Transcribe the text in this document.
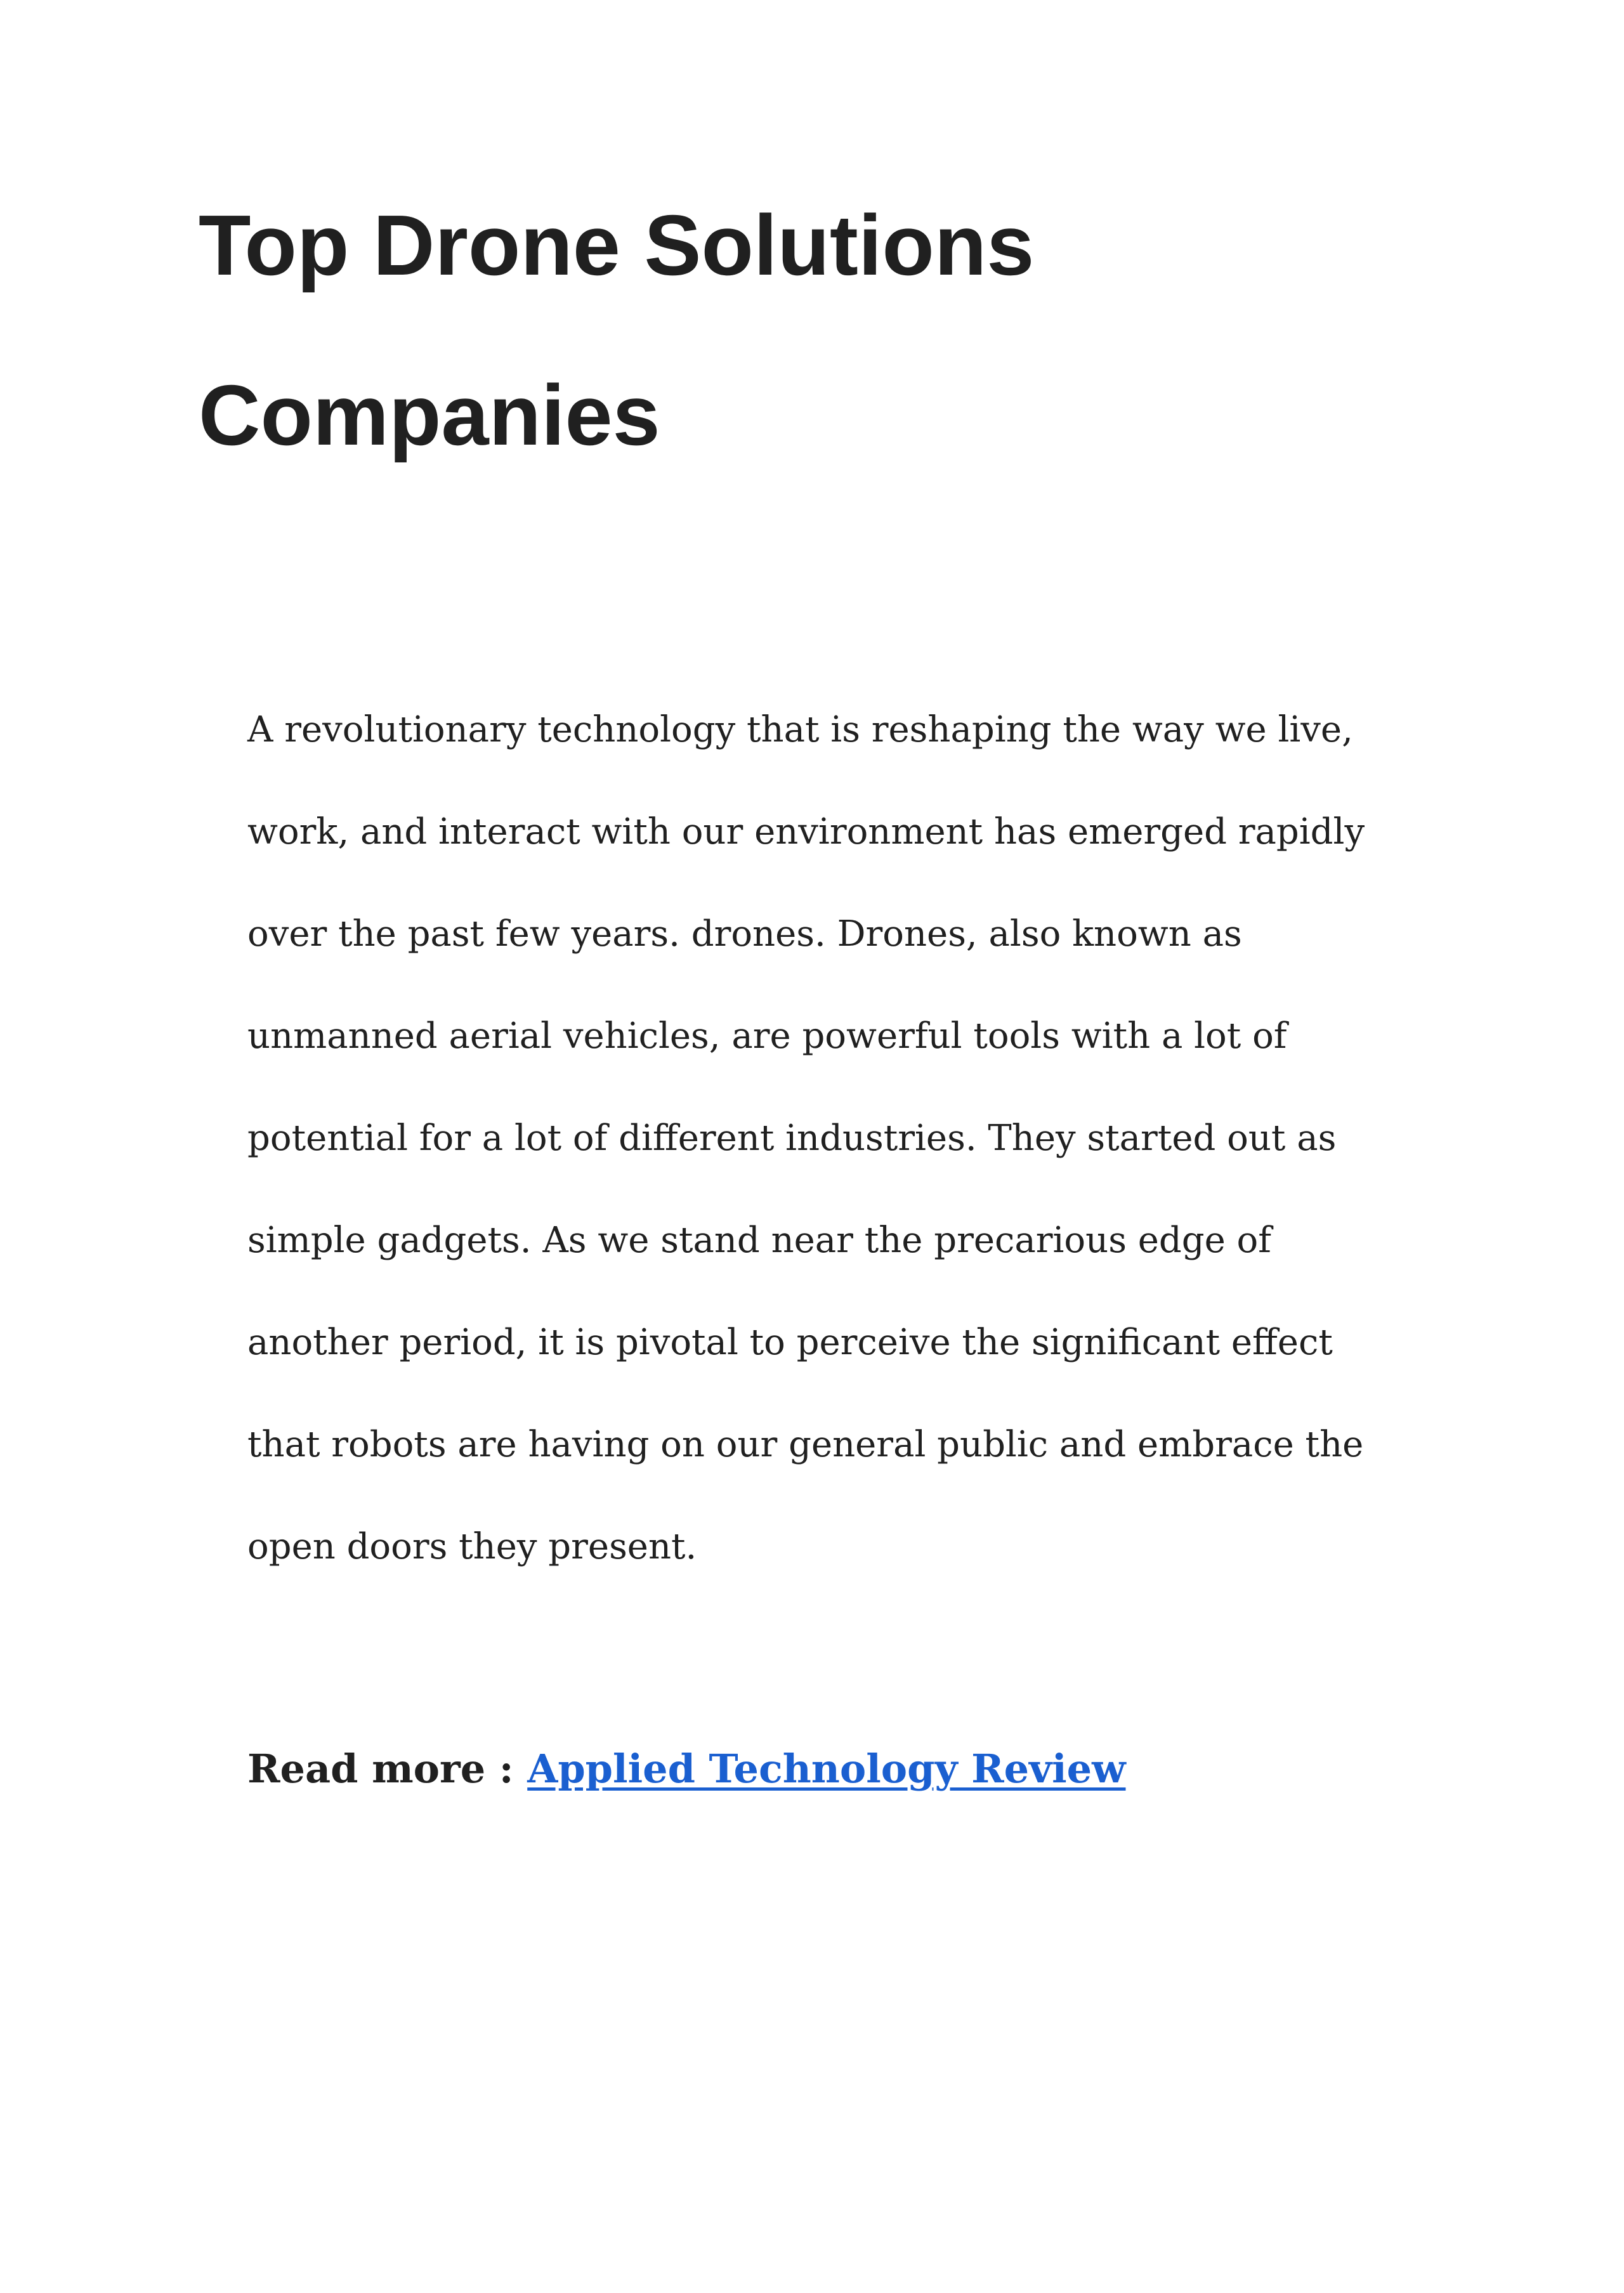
Top Drone Solutions
Companies
A revolutionary technology that is reshaping the way we live,
work, and interact with our environment has emerged rapidly
over the past few years. drones. Drones, also known as
unmanned aerial vehicles, are powerful tools with a lot of
potential for a lot of different industries. They started out as
simple gadgets. As we stand near the precarious edge of
another period, it is pivotal to perceive the significant effect
that robots are having on our general public and embrace the
open doors they present.

Read more : Applied Technology Review
